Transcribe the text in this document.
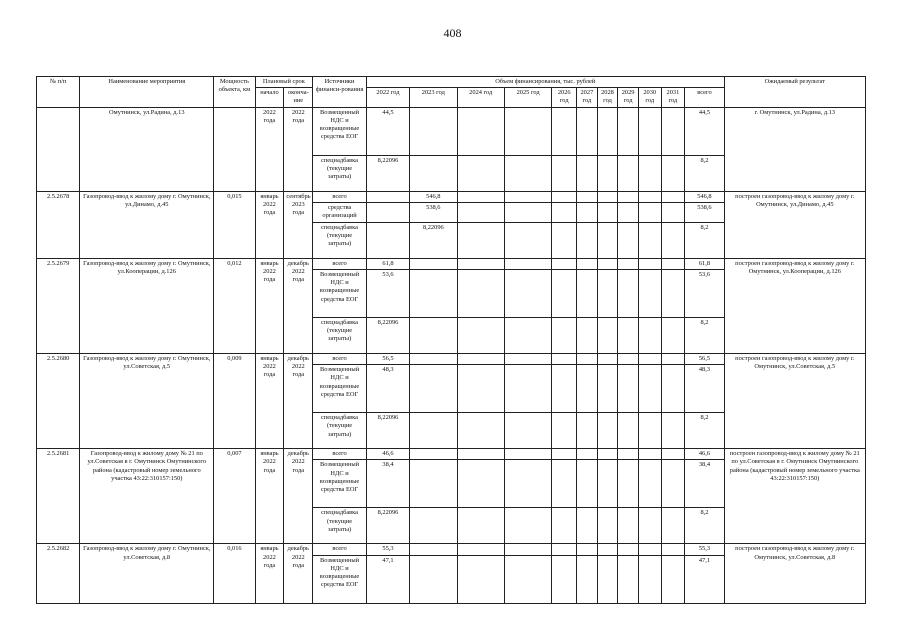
408
№ п/п	Наименование мероприятия	Мощность объекта, км	Плановый срок		Источники финанси-рования	Объем финансирования, тыс. рублей											Ожидаемый результат
			начало	оконча-ние		2022 год	2023 год	2024 год	2025 год	2026 год	2027 год	2028 год	2029 год	2030 год	2031 год	всего	
	Омутнинск, ул.Радина, д.13		2022 года	2022 года	Возмещенный НДС и возвращенные средства ЕОГ	44,5										44,5	г. Омутнинск, ул.Радина, д.13
					спецнадбавка (текущие затраты)	8,22096										8,2	
2.5.2678	Газопровод-ввод к жилому дому г. Омутнинск, ул.Динамо, д.45	0,015	январь 2022 года	сентябрь 2023 года	всего		546,8									546,8	построен газопровод-ввод к жилому дому г. Омутнинск, ул.Динамо, д.45
					средства организаций		538,6									538,6	
					спецнадбавка (текущие затраты)		8,22096									8,2	
2.5.2679	Газопровод-ввод к жилому дому г. Омутнинск, ул.Кооперации, д.126	0,012	январь 2022 года	декабрь 2022 года	всего	61,8										61,8	построен газопровод-ввод к жилому дому г. Омутнинск, ул.Кооперации, д.126
					Возмещенный НДС и возвращенные средства ЕОГ	53,6										53,6	
					спецнадбавка (текущие затраты)	8,22096										8,2	
2.5.2680	Газопровод-ввод к жилому дому г. Омутнинск, ул.Советская, д.5	0,009	январь 2022 года	декабрь 2022 года	всего	56,5										56,5	построен газопровод-ввод к жилому дому г. Омутнинск, ул.Советская, д.5
					Возмещенный НДС и возвращенные средства ЕОГ	48,3										48,3	
					спецнадбавка (текущие затраты)	8,22096										8,2	
2.5.2681	Газопровод-ввод к жилому дому № 21 по ул.Советская в г. Омутнинск Омутнинского района (кадастровый номер земельного участка 43:22:310157:150)	0,007	январь 2022 года	декабрь 2022 года	всего	46,6										46,6	построен газопровод-ввод к жилому дому № 21 по ул.Советская в г. Омутнинск Омутнинского района (кадастровый номер земельного участка 43:22:310157:150)
					Возмещенный НДС и возвращенные средства ЕОГ	38,4										38,4	
					спецнадбавка (текущие затраты)	8,22096										8,2	
2.5.2682	Газопровод-ввод к жилому дому г. Омутнинск, ул.Советская, д.8	0,016	январь 2022 года	декабрь 2022 года	всего	55,3										55,3	построен газопровод-ввод к жилому дому г. Омутнинск, ул.Советская, д.8
					Возмещенный НДС и возвращенные средства ЕОГ	47,1										47,1	
